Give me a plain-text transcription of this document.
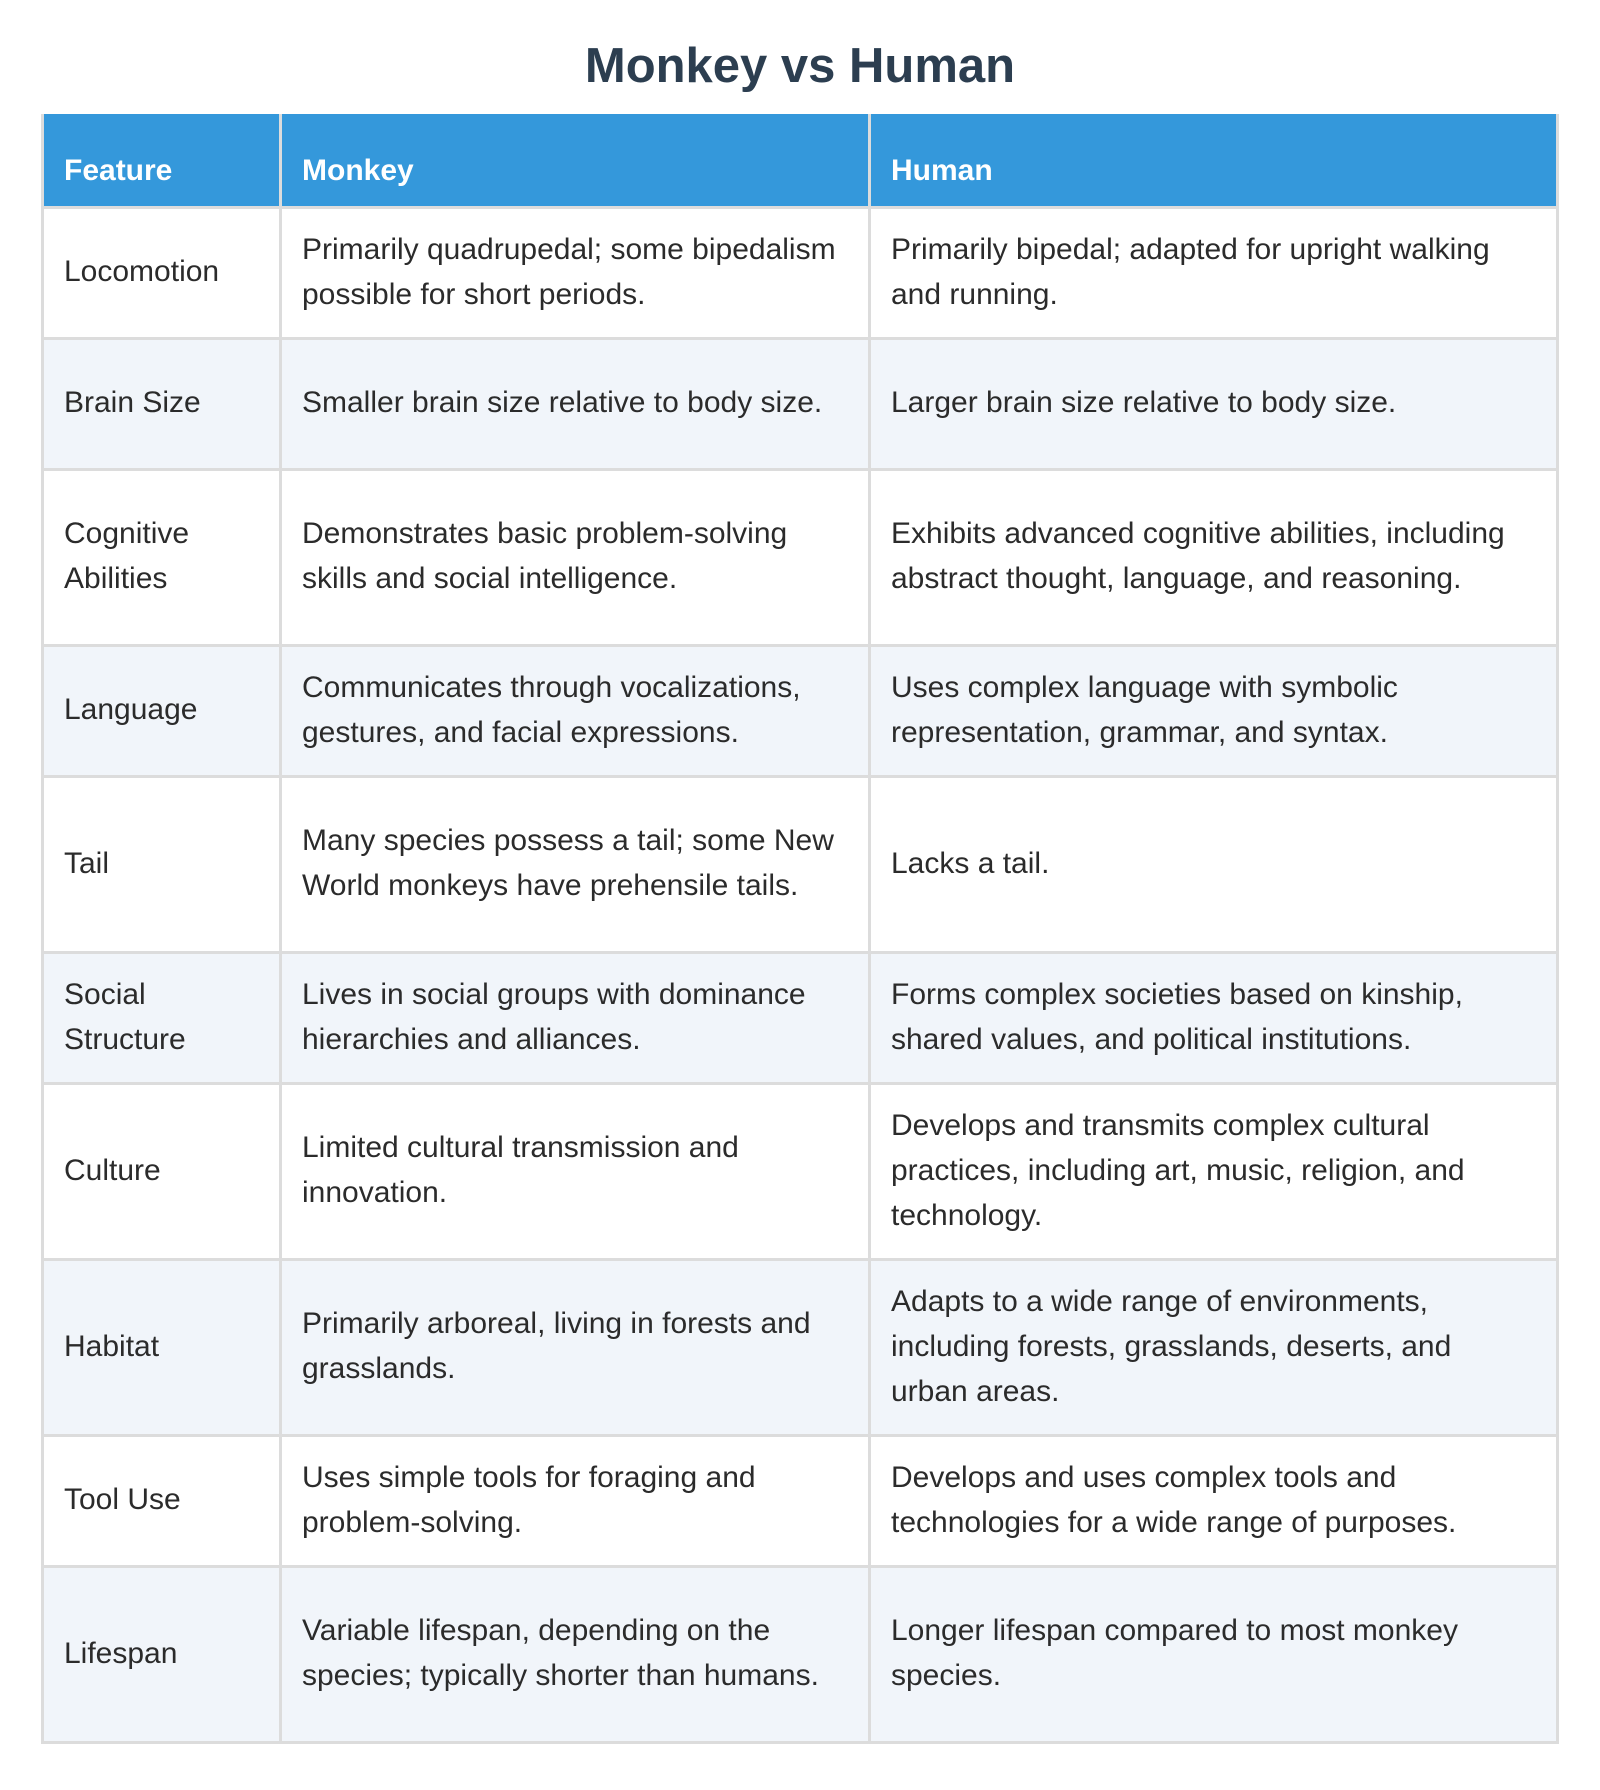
Monkey vs Human
Feature	Monkey	Human
Locomotion	Primarily quadrupedal; some bipedalism possible for short periods.	Primarily bipedal; adapted for upright walking and running.
Brain Size	Smaller brain size relative to body size.	Larger brain size relative to body size.
Cognitive Abilities	Demonstrates basic problem-solving skills and social intelligence.	Exhibits advanced cognitive abilities, including abstract thought, language, and reasoning.
Language	Communicates through vocalizations, gestures, and facial expressions.	Uses complex language with symbolic representation, grammar, and syntax.
Tail	Many species possess a tail; some New World monkeys have prehensile tails.	Lacks a tail.
Social Structure	Lives in social groups with dominance hierarchies and alliances.	Forms complex societies based on kinship, shared values, and political institutions.
Culture	Limited cultural transmission and innovation.	Develops and transmits complex cultural practices, including art, music, religion, and technology.
Habitat	Primarily arboreal, living in forests and grasslands.	Adapts to a wide range of environments, including forests, grasslands, deserts, and urban areas.
Tool Use	Uses simple tools for foraging and problem-solving.	Develops and uses complex tools and technologies for a wide range of purposes.
Lifespan	Variable lifespan, depending on the species; typically shorter than humans.	Longer lifespan compared to most monkey species.
